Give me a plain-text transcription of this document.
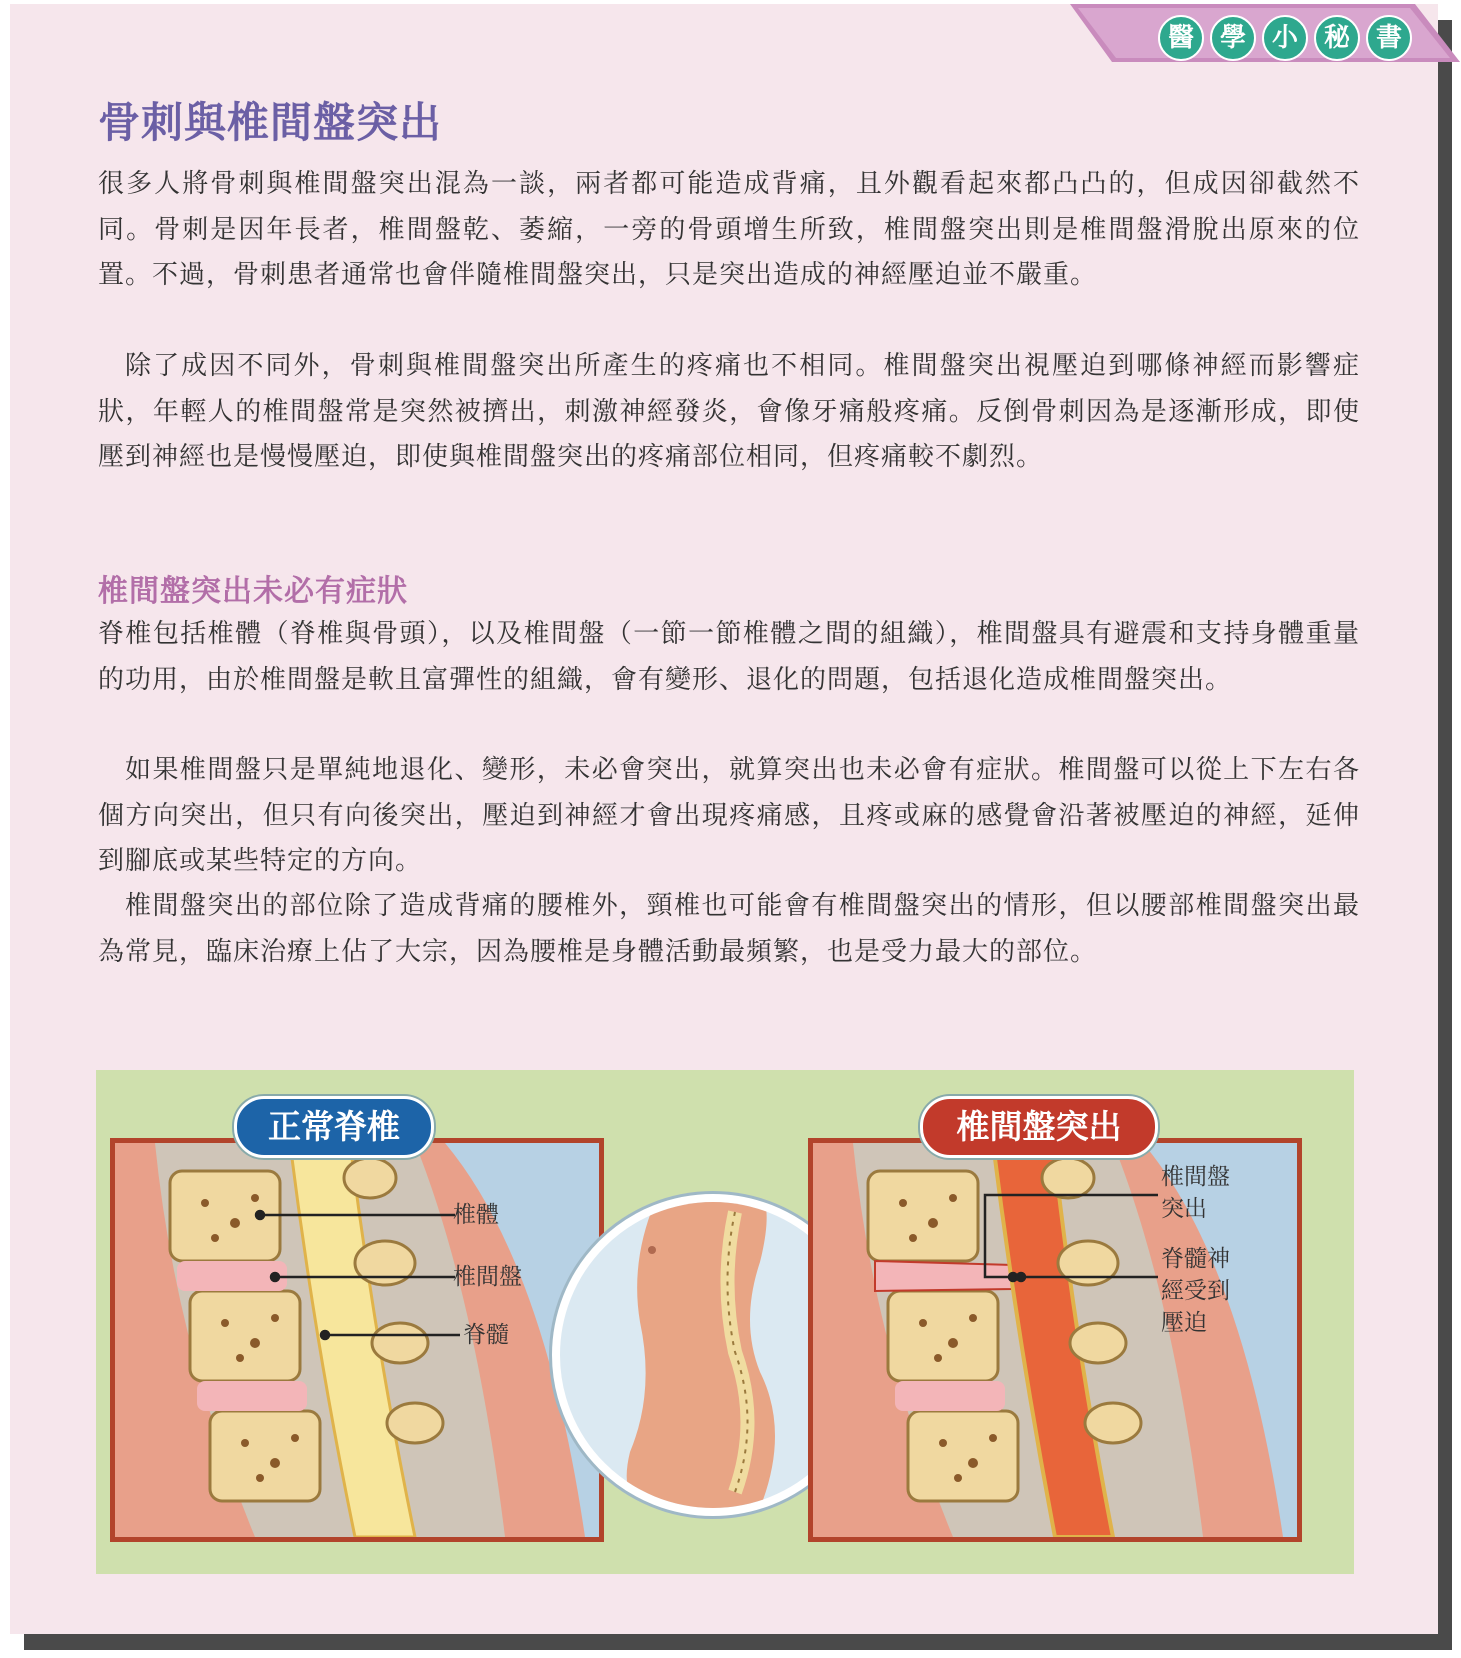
醫 學 小 秘 書
骨刺與椎間盤突出

很多人將骨刺與椎間盤突出混為一談，兩者都可能造成背痛，且外觀看起來都凸凸的，但成因卻截然不同。骨刺是因年長者，椎間盤乾、萎縮，一旁的骨頭增生所致，椎間盤突出則是椎間盤滑脫出原來的位置。不過，骨刺患者通常也會伴隨椎間盤突出，只是突出造成的神經壓迫並不嚴重。

除了成因不同外，骨刺與椎間盤突出所產生的疼痛也不相同。椎間盤突出視壓迫到哪條神經而影響症狀，年輕人的椎間盤常是突然被擠出，刺激神經發炎，會像牙痛般疼痛。反倒骨刺因為是逐漸形成，即使壓到神經也是慢慢壓迫，即使與椎間盤突出的疼痛部位相同，但疼痛較不劇烈。

椎間盤突出未必有症狀

脊椎包括椎體（脊椎與骨頭），以及椎間盤（一節一節椎體之間的組織），椎間盤具有避震和支持身體重量的功用，由於椎間盤是軟且富彈性的組織，會有變形、退化的問題，包括退化造成椎間盤突出。

如果椎間盤只是單純地退化、變形，未必會突出，就算突出也未必會有症狀。椎間盤可以從上下左右各個方向突出，但只有向後突出，壓迫到神經才會出現疼痛感，且疼或麻的感覺會沿著被壓迫的神經，延伸到腳底或某些特定的方向。

椎間盤突出的部位除了造成背痛的腰椎外，頸椎也可能會有椎間盤突出的情形，但以腰部椎間盤突出最為常見，臨床治療上佔了大宗，因為腰椎是身體活動最頻繁，也是受力最大的部位。

椎體
椎間盤
脊髓
正常脊椎
椎間盤
突出
脊髓神
經受到
壓迫
椎間盤突出
